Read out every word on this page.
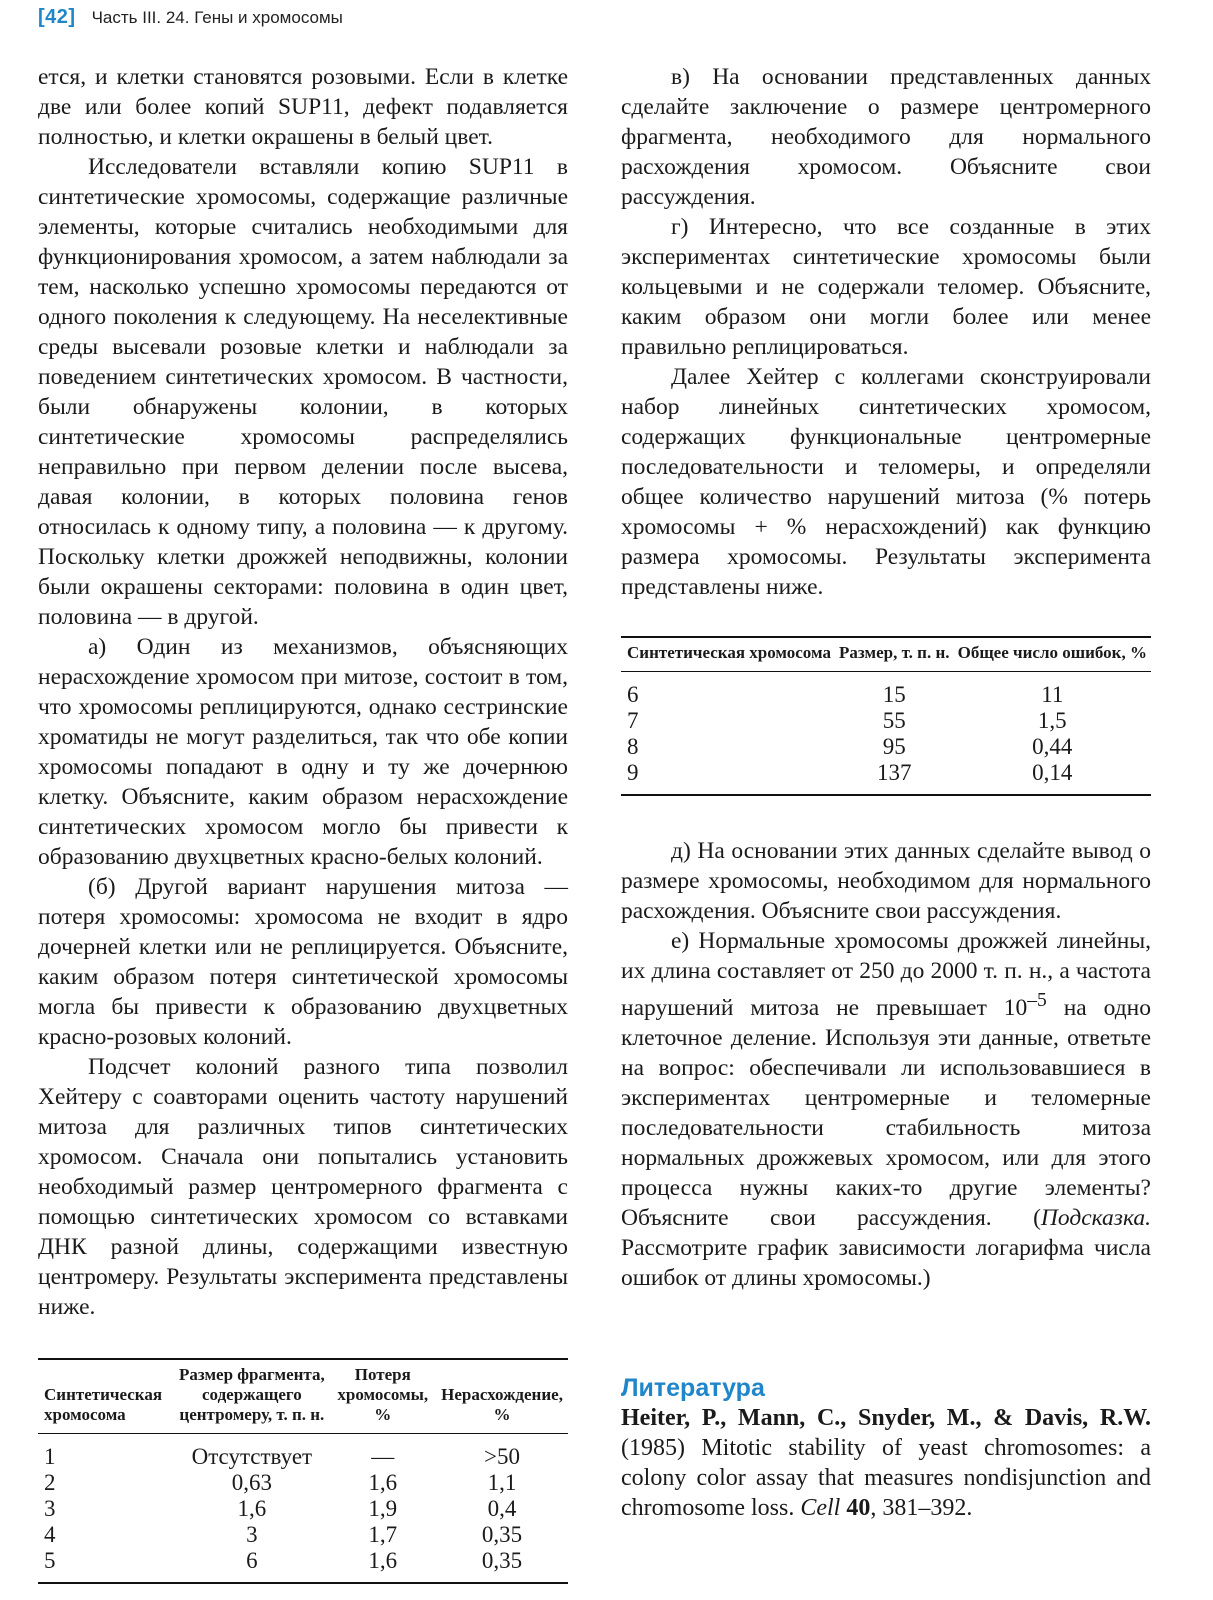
[42] Часть III. 24. Гены и хромосомы

ется, и клетки становятся розовыми. Если в клетке две или более копий SUP11, дефект подавляется полностью, и клетки окрашены в белый цвет.

Исследователи вставляли копию SUP11 в синтетические хромосомы, содержащие различные элементы, которые считались необходимыми для функционирования хромосом, а затем наблюдали за тем, насколько успешно хромосомы передаются от одного поколения к следующему. На неселективные среды высевали розовые клетки и наблюдали за поведением синтетических хромосом. В частности, были обнаружены колонии, в которых синтетические хромосомы распределялись неправильно при первом делении после высева, давая колонии, в которых половина генов относилась к одному типу, а половина — к другому. Поскольку клетки дрожжей неподвижны, колонии были окрашены секторами: половина в один цвет, половина — в другой.

а) Один из механизмов, объясняющих нерасхождение хромосом при митозе, состоит в том, что хромосомы реплицируются, однако сестринские хроматиды не могут разделиться, так что обе копии хромосомы попадают в одну и ту же дочернюю клетку. Объясните, каким образом нерасхождение синтетических хромосом могло бы привести к образованию двухцветных красно-белых колоний.

(б) Другой вариант нарушения митоза — потеря хромосомы: хромосома не входит в ядро дочерней клетки или не реплицируется. Объясните, каким образом потеря синтетической хромосомы могла бы привести к образованию двухцветных красно-розовых колоний.

Подсчет колоний разного типа позволил Хейтеру с соавторами оценить частоту нарушений митоза для различных типов синтетических хромосом. Сначала они попытались установить необходимый размер центромерного фрагмента с помощью синтетических хромосом со вставками ДНК разной длины, содержащими известную центромеру. Результаты эксперимента представлены ниже.

Синтетическая хромосома	Размер фрагмента, содержащего центромеру, т. п. н.	Потеря хромосомы, %	Нерасхождение, %
1	Отсутствует	—	>50
2	0,63	1,6	1,1
3	1,6	1,9	0,4
4	3	1,7	0,35
5	6	1,6	0,35

в) На основании представленных данных сделайте заключение о размере центромерного фрагмента, необходимого для нормального расхождения хромосом. Объясните свои рассуждения.

г) Интересно, что все созданные в этих экспериментах синтетические хромосомы были кольцевыми и не содержали теломер. Объясните, каким образом они могли более или менее правильно реплицироваться.

Далее Хейтер с коллегами сконструировали набор линейных синтетических хромосом, содержащих функциональные центромерные последовательности и теломеры, и определяли общее количество нарушений митоза (% потерь хромосомы + % нерасхождений) как функцию размера хромосомы. Результаты эксперимента представлены ниже.

Синтетическая хромосома	Размер, т. п. н.	Общее число ошибок, %
6	15	11
7	55	1,5
8	95	0,44
9	137	0,14

д) На основании этих данных сделайте вывод о размере хромосомы, необходимом для нормального расхождения. Объясните свои рассуждения.

е) Нормальные хромосомы дрожжей линейны, их длина составляет от 250 до 2000 т. п. н., а частота нарушений митоза не превышает $10^{-5}$ на одно клеточное деление. Используя эти данные, ответьте на вопрос: обеспечивали ли использовавшиеся в экспериментах центромерные и теломерные последовательности стабильность митоза нормальных дрожжевых хромосом, или для этого процесса нужны каких-то другие элементы? Объясните свои рассуждения. (Подсказка. Рассмотрите график зависимости логарифма числа ошибок от длины хромосомы.)

Литература
Heiter, P., Mann, C., Snyder, M., & Davis, R.W. (1985) Mitotic stability of yeast chromosomes: a colony color assay that measures nondisjunction and chromosome loss. Cell 40, 381–392.
